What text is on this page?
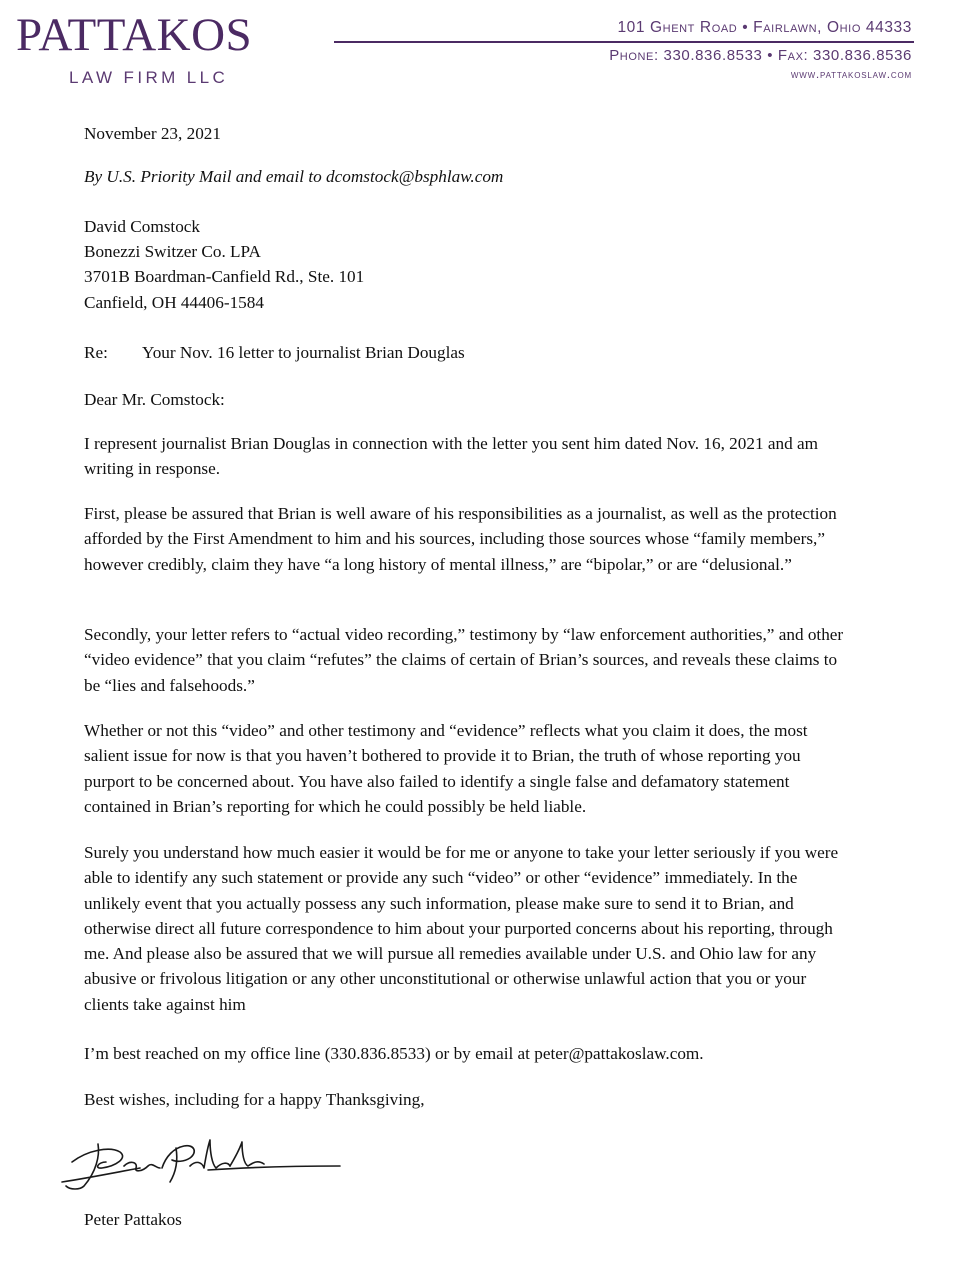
PATTAKOS
LAW FIRM LLC
101 Ghent Road • Fairlawn, Ohio 44333
Phone: 330.836.8533 • Fax: 330.836.8536
www.pattakoslaw.com

November 23, 2021

By U.S. Priority Mail and email to dcomstock@bsphlaw.com

David Comstock

Bonezzi Switzer Co. LPA

3701B Boardman-Canfield Rd., Ste. 101

Canfield, OH 44406-1584

Re: Your Nov. 16 letter to journalist Brian Douglas

Dear Mr. Comstock:

I represent journalist Brian Douglas in connection with the letter you sent him dated Nov. 16, 2021 and am writing in response.

First, please be assured that Brian is well aware of his responsibilities as a journalist, as well as the protection afforded by the First Amendment to him and his sources, including those sources whose “family members,” however credibly, claim they have “a long history of mental illness,” are “bipolar,” or are “delusional.”

Secondly, your letter refers to “actual video recording,” testimony by “law enforcement authorities,” and other “video evidence” that you claim “refutes” the claims of certain of Brian’s sources, and reveals these claims to be “lies and falsehoods.”

Whether or not this “video” and other testimony and “evidence” reflects what you claim it does, the most salient issue for now is that you haven’t bothered to provide it to Brian, the truth of whose reporting you purport to be concerned about. You have also failed to identify a single false and defamatory statement contained in Brian’s reporting for which he could possibly be held liable.

Surely you understand how much easier it would be for me or anyone to take your letter seriously if you were able to identify any such statement or provide any such “video” or other “evidence” immediately. In the unlikely event that you actually possess any such information, please make sure to send it to Brian, and otherwise direct all future correspondence to him about your purported concerns about his reporting, through me. And please also be assured that we will pursue all remedies available under U.S. and Ohio law for any abusive or frivolous litigation or any other unconstitutional or otherwise unlawful action that you or your clients take against him

I’m best reached on my office line (330.836.8533) or by email at peter@pattakoslaw.com.

Best wishes, including for a happy Thanksgiving,

Peter Pattakos
